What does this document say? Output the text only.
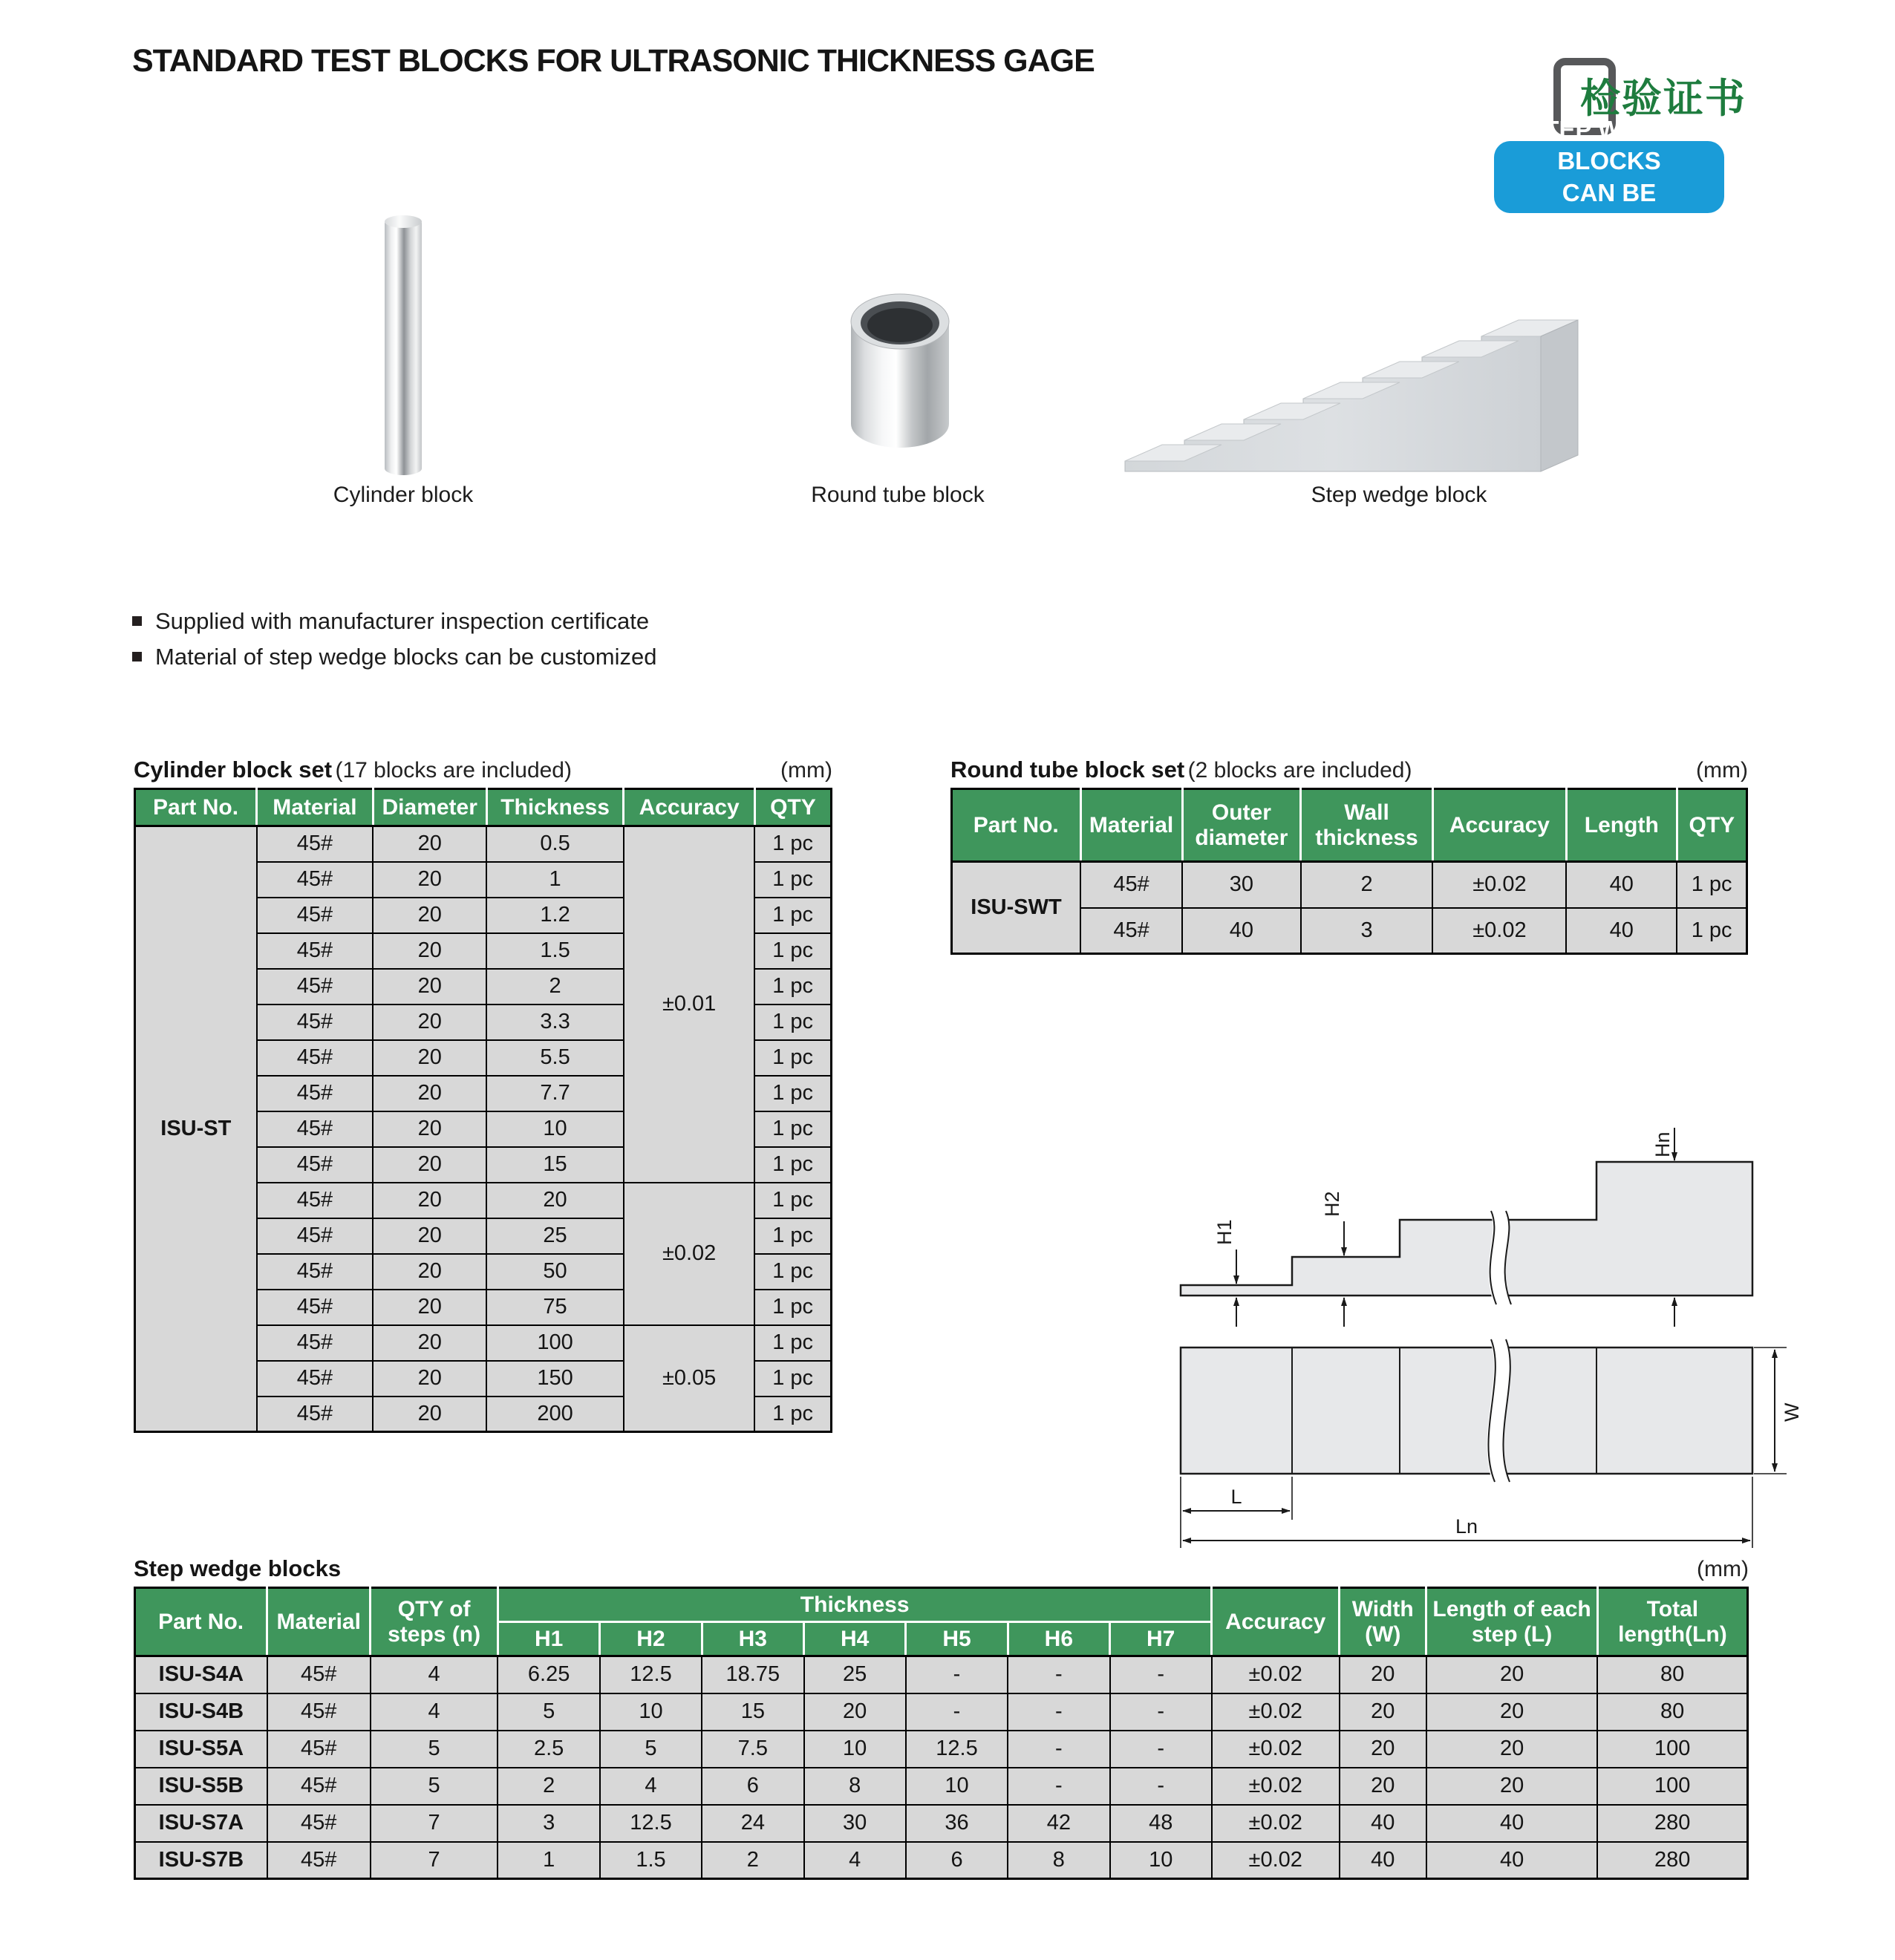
STANDARD TEST BLOCKS FOR ULTRASONIC THICKNESS GAGE
检验证书
STEP WEDGE BLOCKS
CAN BE CUSTOMIZED
Cylinder block	Round tube block	Step wedge block
Supplied with manufacturer inspection certificate
Material of step wedge blocks can be customized
Cylinder block set (17 blocks are included)	(mm)
Part No.	Material	Diameter	Thickness	Accuracy	QTY
ISU-ST	45#	20	0.5	±0.01	1 pc
	45#	20	1		1 pc
	45#	20	1.2		1 pc
	45#	20	1.5		1 pc
	45#	20	2		1 pc
	45#	20	3.3		1 pc
	45#	20	5.5		1 pc
	45#	20	7.7		1 pc
	45#	20	10		1 pc
	45#	20	15		1 pc
	45#	20	20	±0.02	1 pc
	45#	20	25		1 pc
	45#	20	50		1 pc
	45#	20	75		1 pc
	45#	20	100	±0.05	1 pc
	45#	20	150		1 pc
	45#	20	200		1 pc
Round tube block set (2 blocks are included)	(mm)
Part No.	Material	Outer diameter	Wall thickness	Accuracy	Length	QTY
ISU-SWT	45#	30	2	±0.02	40	1 pc
	45#	40	3	±0.02	40	1 pc
H1
H2
Hn
W
L
Ln
Step wedge blocks	(mm)
Part No.	Material	QTY of steps (n)	Thickness							Accuracy	Width (W)	Length of each step (L)	Total length(Ln)
			H1	H2	H3	H4	H5	H6	H7				
ISU-S4A	45#	4	6.25	12.5	18.75	25	-	-	-	±0.02	20	20	80
ISU-S4B	45#	4	5	10	15	20	-	-	-	±0.02	20	20	80
ISU-S5A	45#	5	2.5	5	7.5	10	12.5	-	-	±0.02	20	20	100
ISU-S5B	45#	5	2	4	6	8	10	-	-	±0.02	20	20	100
ISU-S7A	45#	7	3	12.5	24	30	36	42	48	±0.02	40	40	280
ISU-S7B	45#	7	1	1.5	2	4	6	8	10	±0.02	40	40	280
